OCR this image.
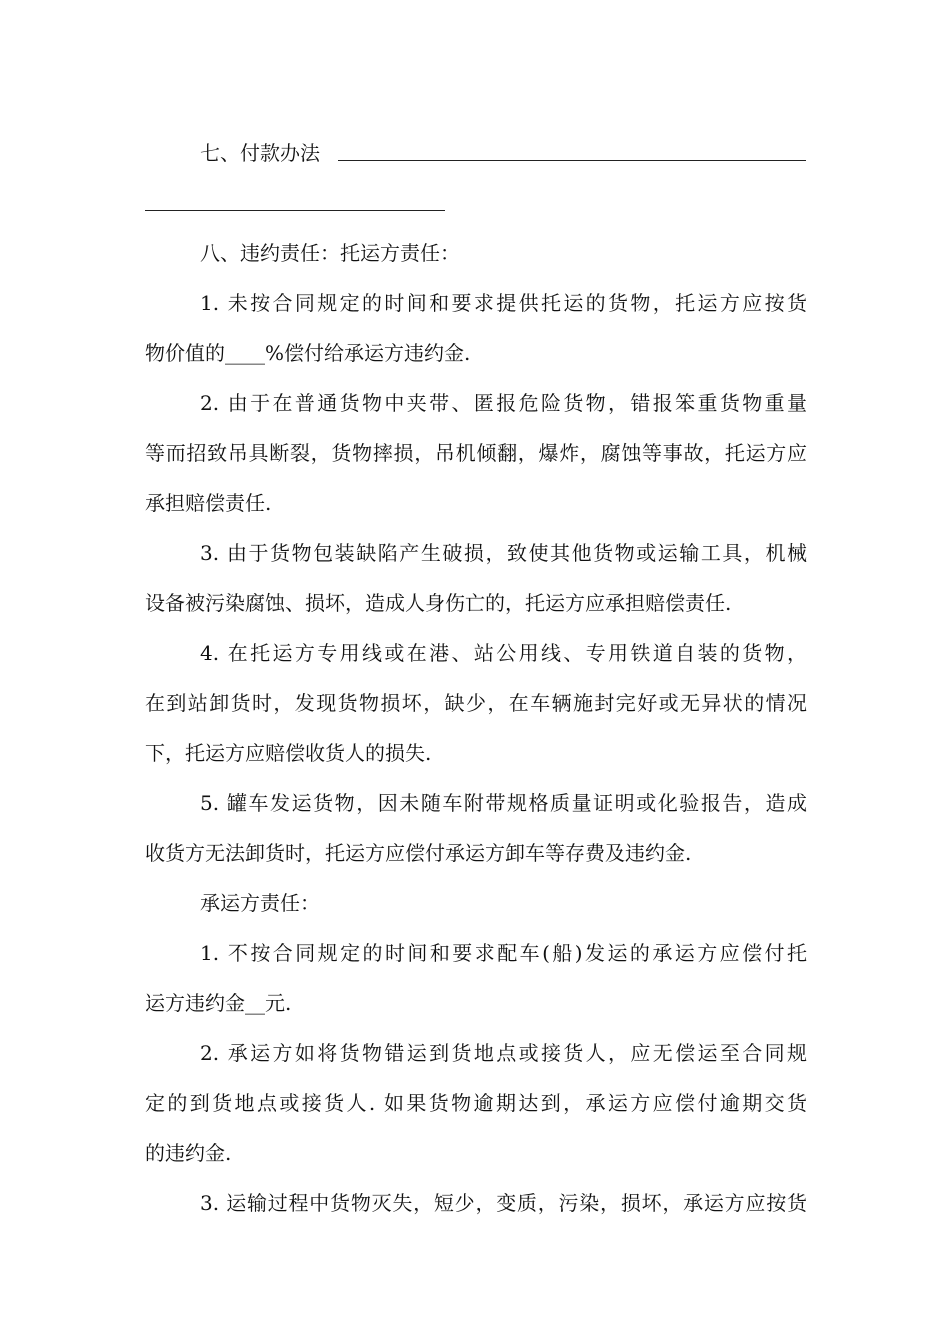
七、付款办法
八、违约责任：托运方责任：
1. 未按合同规定的时间和要求提供托运的货物，托运方应按货
物价值的____%偿付给承运方违约金.
2. 由于在普通货物中夹带、匿报危险货物，错报笨重货物重量
等而招致吊具断裂，货物摔损，吊机倾翻，爆炸，腐蚀等事故，托运方应
承担赔偿责任.
3. 由于货物包装缺陷产生破损，致使其他货物或运输工具，机械
设备被污染腐蚀、损坏，造成人身伤亡的，托运方应承担赔偿责任.
4. 在托运方专用线或在港、站公用线、专用铁道自装的货物，
在到站卸货时，发现货物损坏，缺少，在车辆施封完好或无异状的情况
下，托运方应赔偿收货人的损失.
5. 罐车发运货物，因未随车附带规格质量证明或化验报告，造成
收货方无法卸货时，托运方应偿付承运方卸车等存费及违约金.
承运方责任：
1. 不按合同规定的时间和要求配车(船)发运的承运方应偿付托
运方违约金__元.
2. 承运方如将货物错运到货地点或接货人，应无偿运至合同规
定的到货地点或接货人. 如果货物逾期达到，承运方应偿付逾期交货
的违约金.
3. 运输过程中货物灭失，短少，变质，污染，损坏，承运方应按货
